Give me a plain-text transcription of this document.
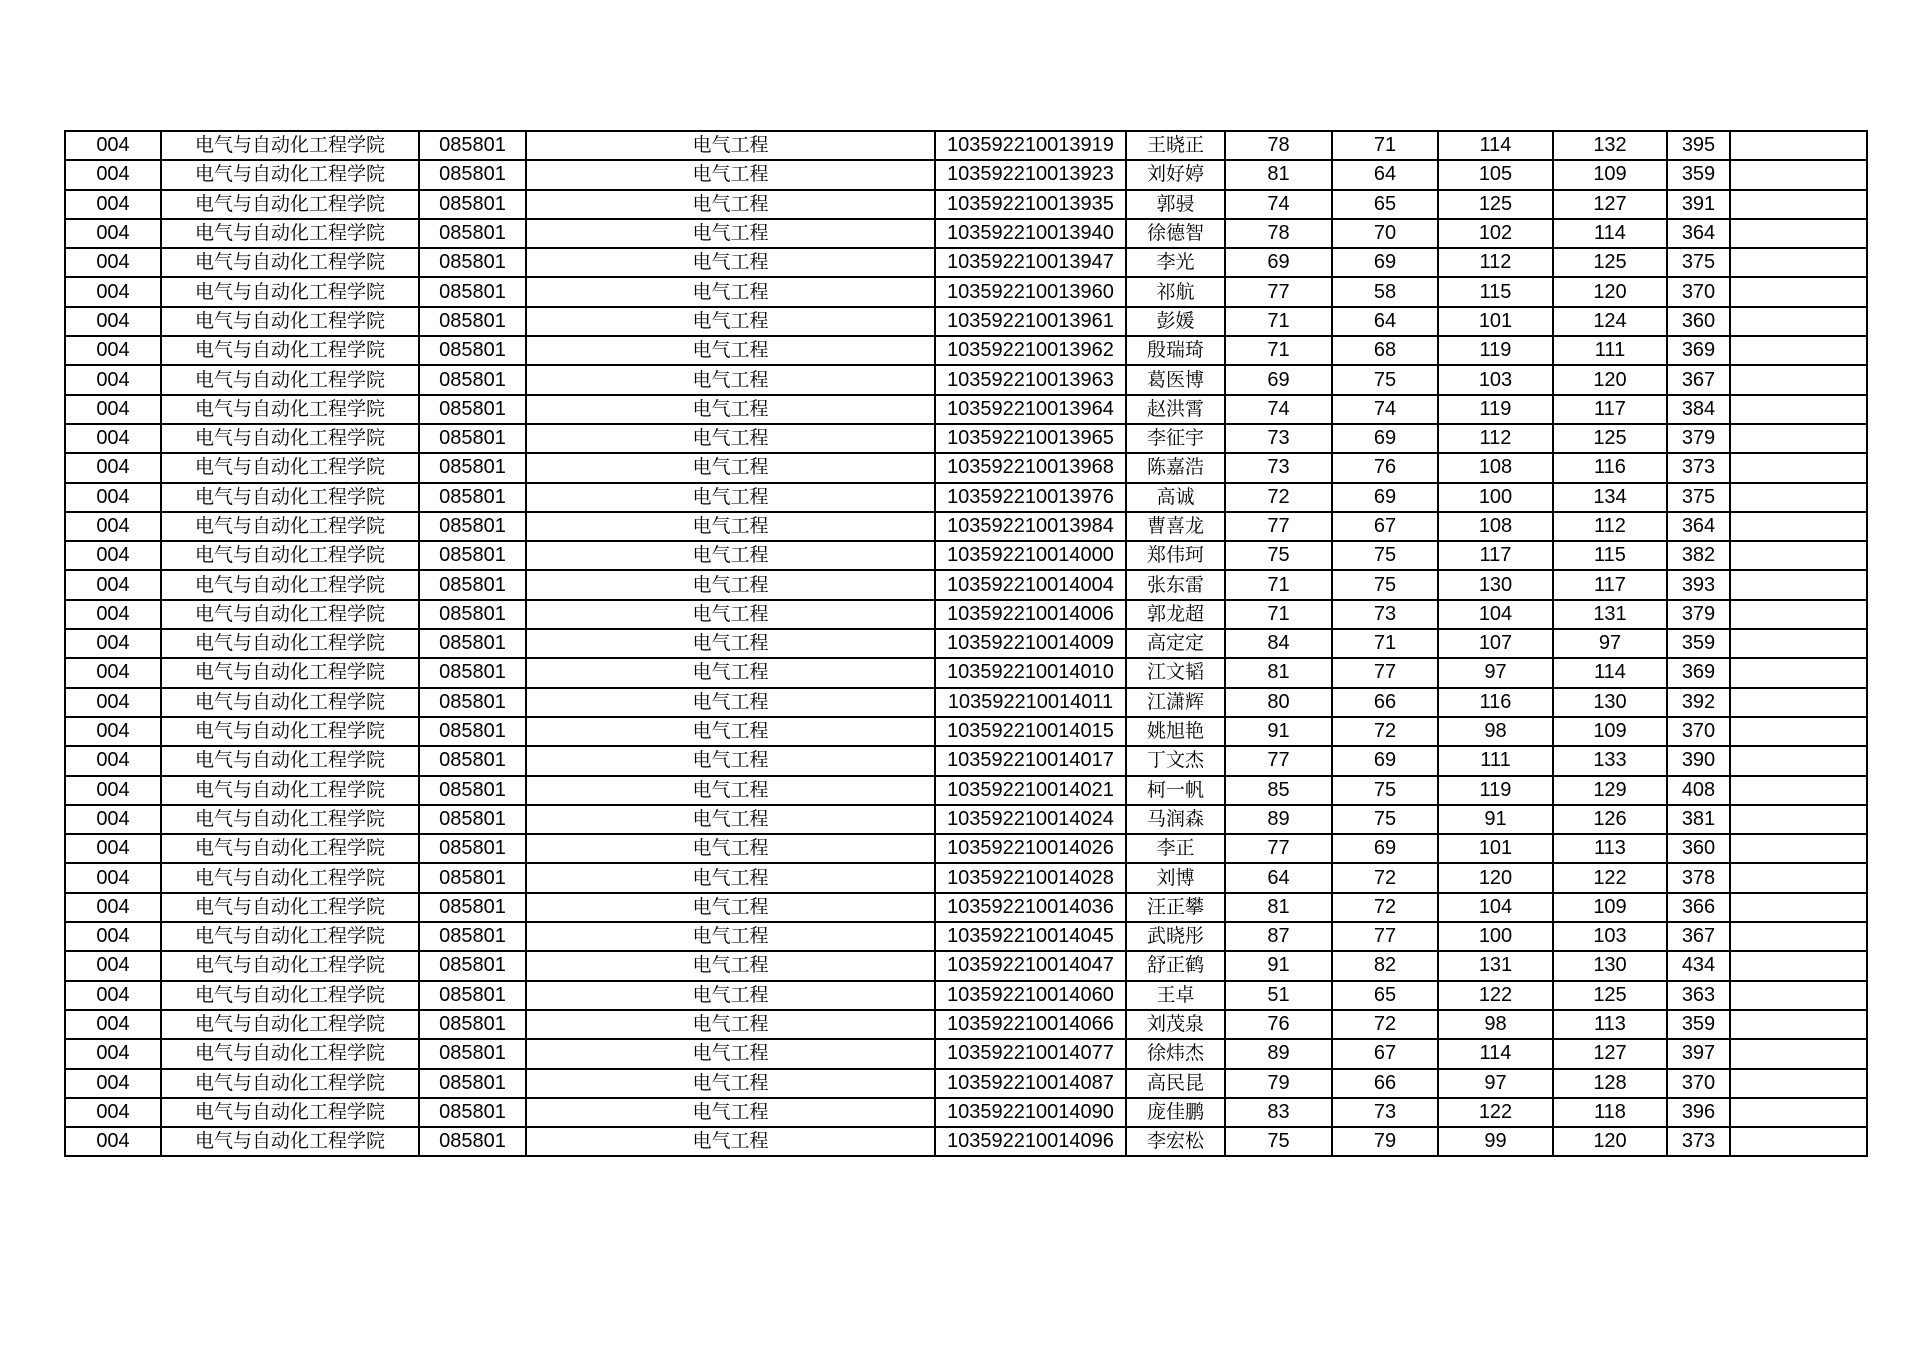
004	电气与自动化工程学院	085801	电气工程	103592210013919	王晓正	78	71	114	132	395	
004	电气与自动化工程学院	085801	电气工程	103592210013923	刘好婷	81	64	105	109	359	
004	电气与自动化工程学院	085801	电气工程	103592210013935	郭骎	74	65	125	127	391	
004	电气与自动化工程学院	085801	电气工程	103592210013940	徐德智	78	70	102	114	364	
004	电气与自动化工程学院	085801	电气工程	103592210013947	李光	69	69	112	125	375	
004	电气与自动化工程学院	085801	电气工程	103592210013960	祁航	77	58	115	120	370	
004	电气与自动化工程学院	085801	电气工程	103592210013961	彭媛	71	64	101	124	360	
004	电气与自动化工程学院	085801	电气工程	103592210013962	殷瑞琦	71	68	119	111	369	
004	电气与自动化工程学院	085801	电气工程	103592210013963	葛医博	69	75	103	120	367	
004	电气与自动化工程学院	085801	电气工程	103592210013964	赵洪霄	74	74	119	117	384	
004	电气与自动化工程学院	085801	电气工程	103592210013965	李征宇	73	69	112	125	379	
004	电气与自动化工程学院	085801	电气工程	103592210013968	陈嘉浩	73	76	108	116	373	
004	电气与自动化工程学院	085801	电气工程	103592210013976	高诚	72	69	100	134	375	
004	电气与自动化工程学院	085801	电气工程	103592210013984	曹喜龙	77	67	108	112	364	
004	电气与自动化工程学院	085801	电气工程	103592210014000	郑伟珂	75	75	117	115	382	
004	电气与自动化工程学院	085801	电气工程	103592210014004	张东雷	71	75	130	117	393	
004	电气与自动化工程学院	085801	电气工程	103592210014006	郭龙超	71	73	104	131	379	
004	电气与自动化工程学院	085801	电气工程	103592210014009	高定定	84	71	107	97	359	
004	电气与自动化工程学院	085801	电气工程	103592210014010	江文韬	81	77	97	114	369	
004	电气与自动化工程学院	085801	电气工程	103592210014011	江潇辉	80	66	116	130	392	
004	电气与自动化工程学院	085801	电气工程	103592210014015	姚旭艳	91	72	98	109	370	
004	电气与自动化工程学院	085801	电气工程	103592210014017	丁文杰	77	69	111	133	390	
004	电气与自动化工程学院	085801	电气工程	103592210014021	柯一帆	85	75	119	129	408	
004	电气与自动化工程学院	085801	电气工程	103592210014024	马润森	89	75	91	126	381	
004	电气与自动化工程学院	085801	电气工程	103592210014026	李正	77	69	101	113	360	
004	电气与自动化工程学院	085801	电气工程	103592210014028	刘博	64	72	120	122	378	
004	电气与自动化工程学院	085801	电气工程	103592210014036	汪正攀	81	72	104	109	366	
004	电气与自动化工程学院	085801	电气工程	103592210014045	武晓彤	87	77	100	103	367	
004	电气与自动化工程学院	085801	电气工程	103592210014047	舒正鹤	91	82	131	130	434	
004	电气与自动化工程学院	085801	电气工程	103592210014060	王卓	51	65	122	125	363	
004	电气与自动化工程学院	085801	电气工程	103592210014066	刘茂泉	76	72	98	113	359	
004	电气与自动化工程学院	085801	电气工程	103592210014077	徐炜杰	89	67	114	127	397	
004	电气与自动化工程学院	085801	电气工程	103592210014087	高民昆	79	66	97	128	370	
004	电气与自动化工程学院	085801	电气工程	103592210014090	庞佳鹏	83	73	122	118	396	
004	电气与自动化工程学院	085801	电气工程	103592210014096	李宏松	75	79	99	120	373	
